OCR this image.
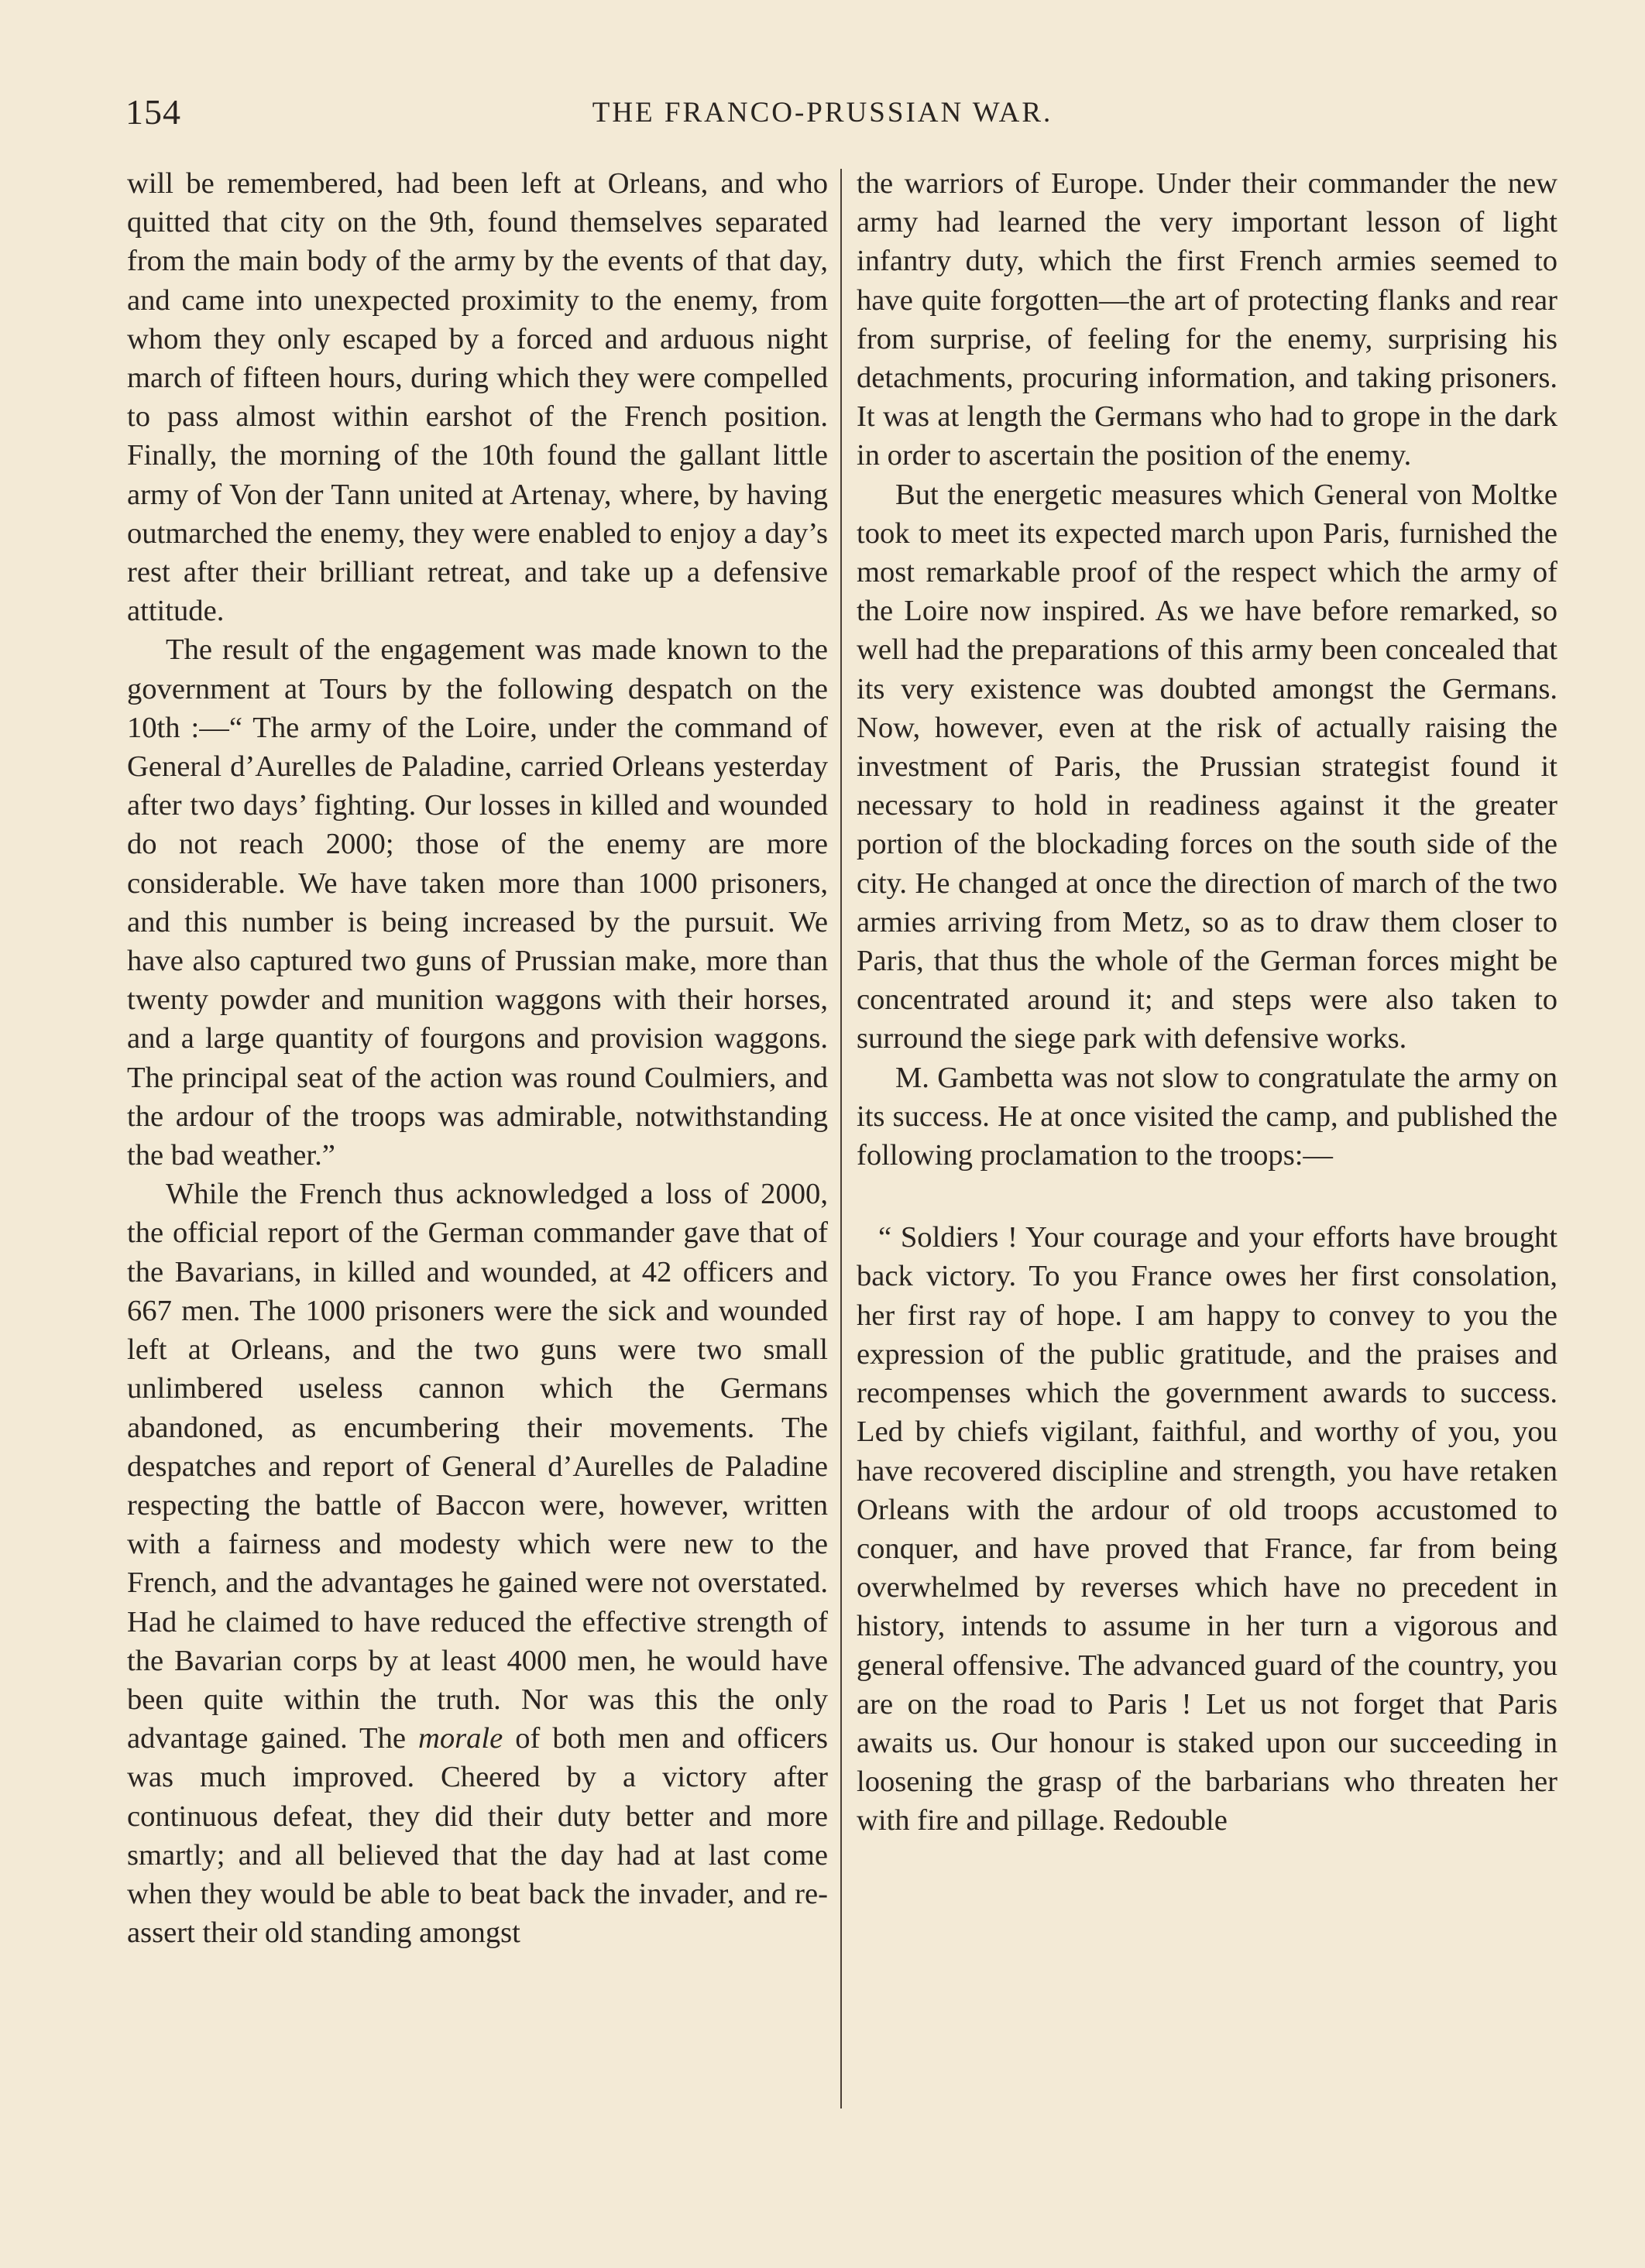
154	THE FRANCO-PRUSSIAN WAR.

will be remembered, had been left at Orleans, and who quitted that city on the 9th, found themselves separated from the main body of the army by the events of that day, and came into unexpected proximity to the enemy, from whom they only escaped by a forced and arduous night march of fifteen hours, during which they were compelled to pass almost within earshot of the French position. Finally, the morning of the 10th found the gallant little army of Von der Tann united at Artenay, where, by having outmarched the enemy, they were enabled to enjoy a day’s rest after their brilliant retreat, and take up a defensive attitude.

The result of the engagement was made known to the government at Tours by the following despatch on the 10th :—“ The army of the Loire, under the command of General d’Aurelles de Paladine, carried Orleans yesterday after two days’ fighting. Our losses in killed and wounded do not reach 2000; those of the enemy are more considerable. We have taken more than 1000 prisoners, and this number is being increased by the pursuit. We have also captured two guns of Prussian make, more than twenty powder and munition waggons with their horses, and a large quantity of fourgons and provision waggons. The principal seat of the action was round Coulmiers, and the ardour of the troops was admirable, notwithstanding the bad weather.”

While the French thus acknowledged a loss of 2000, the official report of the German commander gave that of the Bavarians, in killed and wounded, at 42 officers and 667 men. The 1000 prisoners were the sick and wounded left at Orleans, and the two guns were two small unlimbered useless cannon which the Germans abandoned, as encumbering their movements. The despatches and report of General d’Aurelles de Paladine respecting the battle of Baccon were, however, written with a fairness and modesty which were new to the French, and the advantages he gained were not overstated. Had he claimed to have reduced the effective strength of the Bavarian corps by at least 4000 men, he would have been quite within the truth. Nor was this the only advantage gained. The morale of both men and officers was much improved. Cheered by a victory after continuous defeat, they did their duty better and more smartly; and all believed that the day had at last come when they would be able to beat back the invader, and re-assert their old standing amongst

the warriors of Europe. Under their commander the new army had learned the very important lesson of light infantry duty, which the first French armies seemed to have quite forgotten—the art of protecting flanks and rear from surprise, of feeling for the enemy, surprising his detachments, procuring information, and taking prisoners. It was at length the Germans who had to grope in the dark in order to ascertain the position of the enemy.

But the energetic measures which General von Moltke took to meet its expected march upon Paris, furnished the most remarkable proof of the respect which the army of the Loire now inspired. As we have before remarked, so well had the preparations of this army been concealed that its very existence was doubted amongst the Germans. Now, however, even at the risk of actually raising the investment of Paris, the Prussian strategist found it necessary to hold in readiness against it the greater portion of the blockading forces on the south side of the city. He changed at once the direction of march of the two armies arriving from Metz, so as to draw them closer to Paris, that thus the whole of the German forces might be concentrated around it; and steps were also taken to surround the siege park with defensive works.

M. Gambetta was not slow to congratulate the army on its success. He at once visited the camp, and published the following proclamation to the troops:—

“ Soldiers ! Your courage and your efforts have brought back victory. To you France owes her first consolation, her first ray of hope. I am happy to convey to you the expression of the public gratitude, and the praises and recompenses which the government awards to success. Led by chiefs vigilant, faithful, and worthy of you, you have recovered discipline and strength, you have retaken Orleans with the ardour of old troops accustomed to conquer, and have proved that France, far from being overwhelmed by reverses which have no precedent in history, intends to assume in her turn a vigorous and general offensive. The advanced guard of the country, you are on the road to Paris ! Let us not forget that Paris awaits us. Our honour is staked upon our succeeding in loosening the grasp of the barbarians who threaten her with fire and pillage. Redouble
